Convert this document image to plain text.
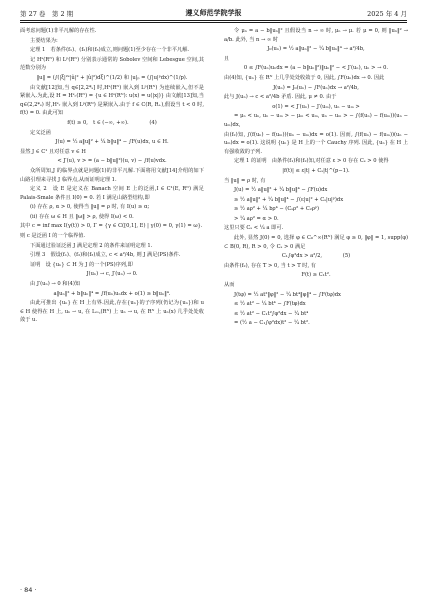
第 27 卷　第 2 期	遵义师范学院学报	2025 年 4 月

面考虑问题(1)非平凡解的存在性.

主要结果为:

定理 1　若条件(f₁)、(f₂)和(f₃)成立,则问题(1)至少存在一个非平凡解.

记 Hˢ(Rᴺ) 和 Lᵖ(Rᴺ) 分别表示通常的 Sobolev 空间和 Lebesgue 空间,其范数分别为

‖u‖ = (∫(|ξ|²ˢ|û|² + |û|²)dξ)^(1/2) 和 |u|ₚ = (∫|u|ᵖdx)^(1/p).

由文献[12]知,当 q∈[2,2*ₛ] 时,Hˢ(Rᴺ) 嵌入到 Lᵖ(Rᴺ) 为连续嵌入,但不是紧嵌入.为此,设 H = Hˢᵣ(Rᴺ) = {u ∈ Hˢ(Rᴺ): u(x) = u(|x|)} 由文献[13]知,当 q∈(2,2*ₛ) 时,Hˢᵣ 嵌入到 Lᵖ(Rᴺ) 是紧嵌入.由于 f ∈ C(R, R₊),假设当 t < 0 时, f(t) = 0. 由此可知

f(t) ≥ 0,　t ∈ (−∞, +∞).　　　　(4)

定义泛函

J(u) = ½ a‖u‖² + ¼ b‖u‖⁴ − ∫F(u)dx, u ∈ H.

显然 J ∈ C¹ 且对任意 v ∈ H

< J′(u), v > = (a − b‖u‖²)(u, v) − ∫f(u)vdx.

众所周知,J 的临界点就是问题(1)的非平凡解.下面将用文献[14]介绍的如下山路引理来寻找 J 临界点,从而证明定理 1.

定义 2　设 E 是定义在 Banach 空间 E 上的泛函,I ∈ C¹(E, Rᴺ) 满足 Palais-Smale 条件且 I(0) = 0. 若 I 满足山路型结构,即

(i) 存在 ρ, α > 0, 使得当 ‖u‖ = ρ 时, 有 I(u) ≥ α;

(ii) 存在 ω ∈ H 且 ‖ω‖ > ρ, 使得 I(ω) < 0.

其中 c = inf max I(γ(t)) > 0, Γ = {γ ∈ C([0,1], E) | γ(0) = 0, γ(1) = ω}.

则 c 是泛函 I 的一个临界值.

下面通过验证泛函 J 满足定理 2 的条件来证明定理 1.

引理 3　假设(f₁)、(f₂)和(f₃)成立, c < a²/4b, 则 J 满足(PS)条件.

证明　设 {uₙ} ⊂ H 为 J 的一个(PS)序列,即

J(uₙ) → c, J′(uₙ) → 0.

由 J′(uₙ) → 0 和(4)知

a‖uₙ‖² + b‖uₙ‖⁴ = ∫f(uₙ)uₙdx + o(1) ≥ b‖uₙ‖⁴.

由此可推出 {uₙ} 在 H 上有界.因此,存在{uₙ}的子序列(仍记为{uₙ})和 u ∈ H 使得在 H 上, uₙ ⇀ u, 在 Lₗₒ꜀(Rᴺ) 上 uₙ → u, 在 Rᴺ 上 uₙ(x) 几乎处处收敛于 u.

令 μₙ = a − b‖uₙ‖² 且假设当 n → ∞ 时, μₙ → μ. 若 μ = 0, 则 ‖uₙ‖² → a/b. 此外, 当 n → ∞ 时

J₀(uₙ) = ½ a‖uₙ‖² − ¼ b‖uₙ‖⁴ → a²/4b,

且

0 ≤ ∫F(uₙ)uₙdx = (a − b‖uₙ‖²)‖uₙ‖² − < J′(uₙ), uₙ > → 0.

由(4)知, {uₙ} 在 Rᴺ 上几乎处处收敛于 0, 因此, ∫F(uₙ)dx → 0. 因此

J(uₙ) = J₀(uₙ) − ∫F(uₙ)dx → a²/4b,

此与 J(uₙ) → c < a²/4b 矛盾. 因此, μ ≠ 0. 由于

o(1) = < J′(uₙ) − J′(uₘ), uₙ − uₘ >

= μₙ < uₙ, uₙ − uₘ > − μₘ < uₘ, uₙ − uₘ > − ∫(f(uₙ) − f(uₘ))(uₙ − uₘ)dx,

由(f₂)知, ∫(f(uₙ) − f(uₘ))(uₙ − uₘ)dx = o(1). 因而, ∫(f(uₙ) − f(uₘ))(uₙ − uₘ)dx = o(1). 这说明 {uₙ} 是 H 上的一个 Cauchy 序列. 因此, {uₙ} 在 H 上有强收敛的子列.

定理 1 的证明　由条件(f₁)和(f₂)知,对任意 ε > 0 存在 Cₛ > 0 使得

|f(t)| ≤ ε|t| + Cₛ|t|^(p−1).

当 ‖u‖ = ρ 时, 有

J(u) = ½ a‖u‖² + ¼ b‖u‖⁴ − ∫F(u)dx

≥ ½ a‖u‖² + ¼ b‖u‖⁴ − ∫(ε|u|² + Cₛ|u|ᵖ)dx

≥ ½ aρ² + ¼ bρ⁴ − (Cₛρ² + C₂ρᵖ)

> ¼ aρ² = α > 0.

这里只要 Cₛ < ¼ a 即可.

此外, 显然 J(0) = 0, 选择 φ ∈ C₀^∞(Rᴺ) 满足 φ ≥ 0, ‖φ‖ = 1, supp(φ) ⊂ B(0, R), R > 0, 令 Cₛ > 0 满足

C₁∫φ²dx > a²/2,　　　　(5)

由条件(f₂), 存在 T > 0, 当 t > T 时, 有

F(t) ≥ C₁t².

从而

J(tφ) = ½ at²‖φ‖² − ¼ bt⁴‖φ‖⁴ − ∫F(tφ)dx

≤ ½ at² − ¼ bt⁴ − ∫F(tφ)dx

≤ ½ at² − C₁t²∫φ²dx − ¼ bt⁴

= (½ a − C₁∫φ²dx)t² − ¼ bt².

· 84 ·
